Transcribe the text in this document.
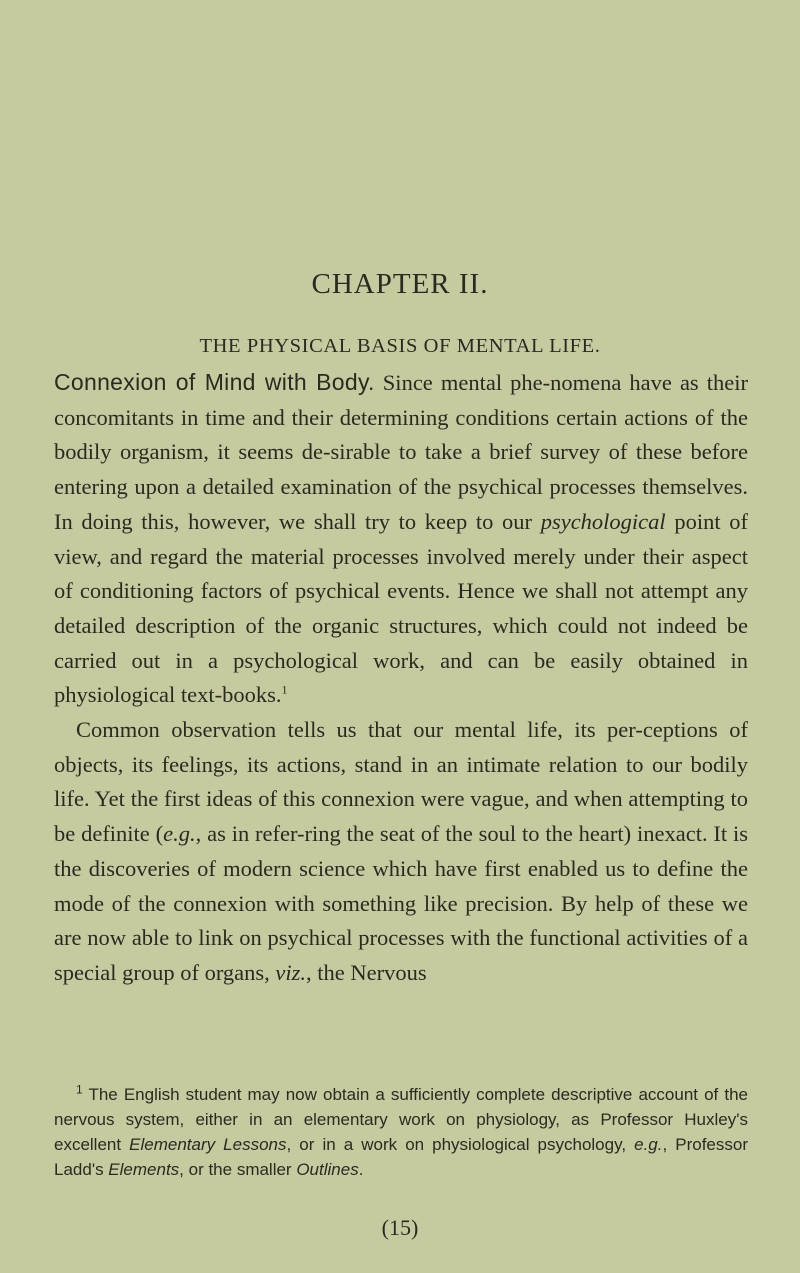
CHAPTER II.
THE PHYSICAL BASIS OF MENTAL LIFE.

Connexion of Mind with Body. Since mental phe-nomena have as their concomitants in time and their determining conditions certain actions of the bodily organism, it seems de-sirable to take a brief survey of these before entering upon a detailed examination of the psychical processes themselves. In doing this, however, we shall try to keep to our psychological point of view, and regard the material processes involved merely under their aspect of conditioning factors of psychical events. Hence we shall not attempt any detailed description of the organic structures, which could not indeed be carried out in a psychological work, and can be easily obtained in physiological text-books.$^1$

Common observation tells us that our mental life, its per-ceptions of objects, its feelings, its actions, stand in an intimate relation to our bodily life. Yet the first ideas of this connexion were vague, and when attempting to be definite (e.g., as in refer-ring the seat of the soul to the heart) inexact. It is the discoveries of modern science which have first enabled us to define the mode of the connexion with something like precision. By help of these we are now able to link on psychical processes with the functional activities of a special group of organs, viz., the Nervous

$^1$ The English student may now obtain a sufficiently complete descriptive account of the nervous system, either in an elementary work on physiology, as Professor Huxley's excellent Elementary Lessons, or in a work on physiological psychology, e.g., Professor Ladd's Elements, or the smaller Outlines.
(15)
